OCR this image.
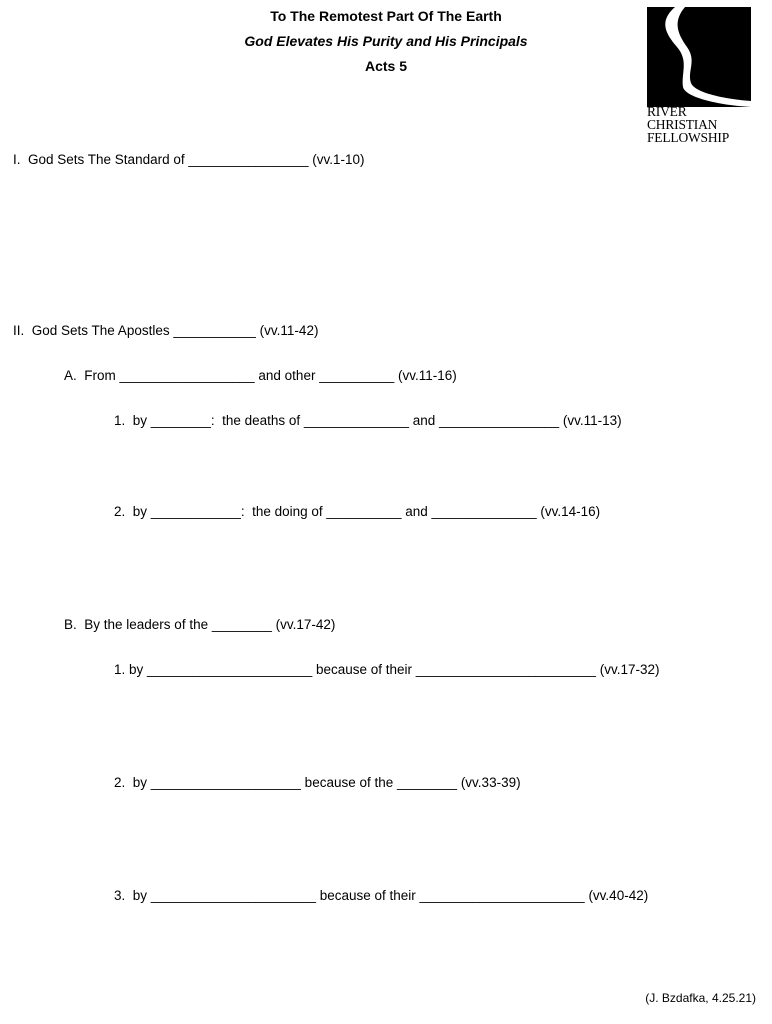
To The Remotest Part Of The Earth
God Elevates His Purity and His Principals
Acts 5
RIVER
CHRISTIAN
FELLOWSHIP
I.  God Sets The Standard of ________________ (vv.1-10)
II.  God Sets The Apostles ___________ (vv.11-42)
A.  From __________________ and other __________ (vv.11-16)
1.  by ________:  the deaths of ______________ and ________________ (vv.11-13)
2.  by ____________:  the doing of __________ and ______________ (vv.14-16)
B.  By the leaders of the ________ (vv.17-42)
1. by ______________________ because of their ________________________ (vv.17-32)
2.  by ____________________ because of the ________ (vv.33-39)
3.  by ______________________ because of their ______________________ (vv.40-42)
(J. Bzdafka, 4.25.21)
